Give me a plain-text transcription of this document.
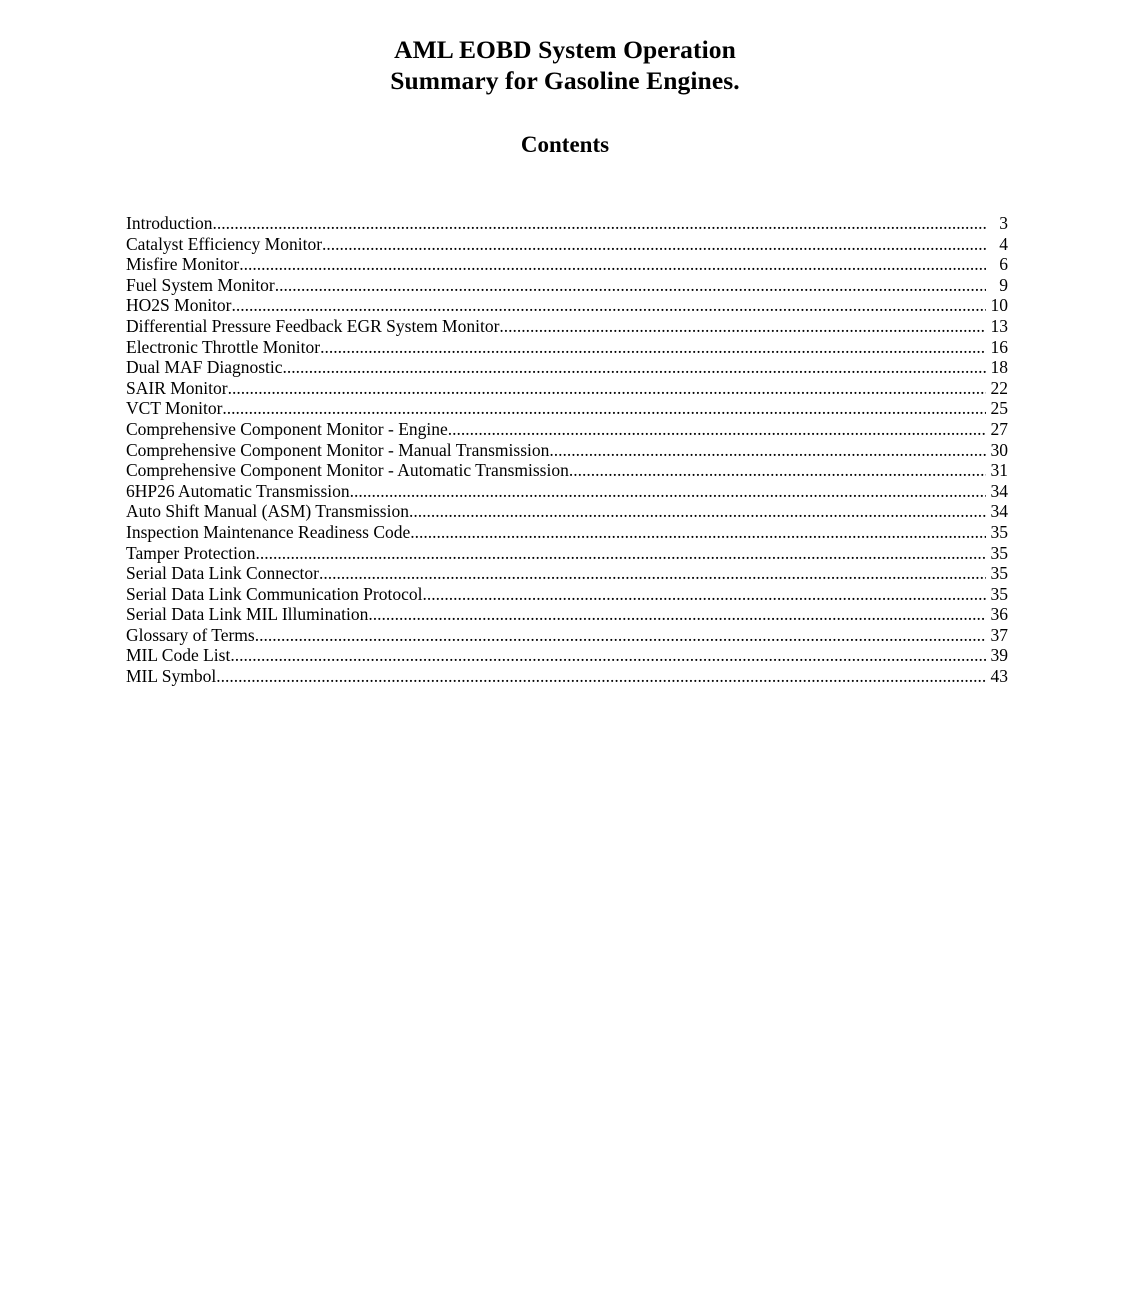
AML EOBD System Operation
Summary for Gasoline Engines.
Contents
Introduction .....	3
Catalyst Efficiency Monitor .....	4
Misfire Monitor .....	6
Fuel System Monitor .....	9
HO2S Monitor .....	10
Differential Pressure Feedback EGR System Monitor .....	13
Electronic Throttle Monitor .....	16
Dual MAF Diagnostic .....	18
SAIR Monitor .....	22
VCT Monitor .....	25
Comprehensive Component Monitor - Engine .....	27
Comprehensive Component Monitor - Manual Transmission. .....	30
Comprehensive Component Monitor - Automatic Transmission .....	31
6HP26 Automatic Transmission .....	34
Auto Shift Manual (ASM) Transmission. .....	34
Inspection Maintenance Readiness Code .....	35
Tamper Protection .....	35
Serial Data Link Connector .....	35
Serial Data Link Communication Protocol .....	35
Serial Data Link MIL Illumination .....	36
Glossary of Terms .....	37
MIL Code List .....	39
MIL Symbol .....	43
